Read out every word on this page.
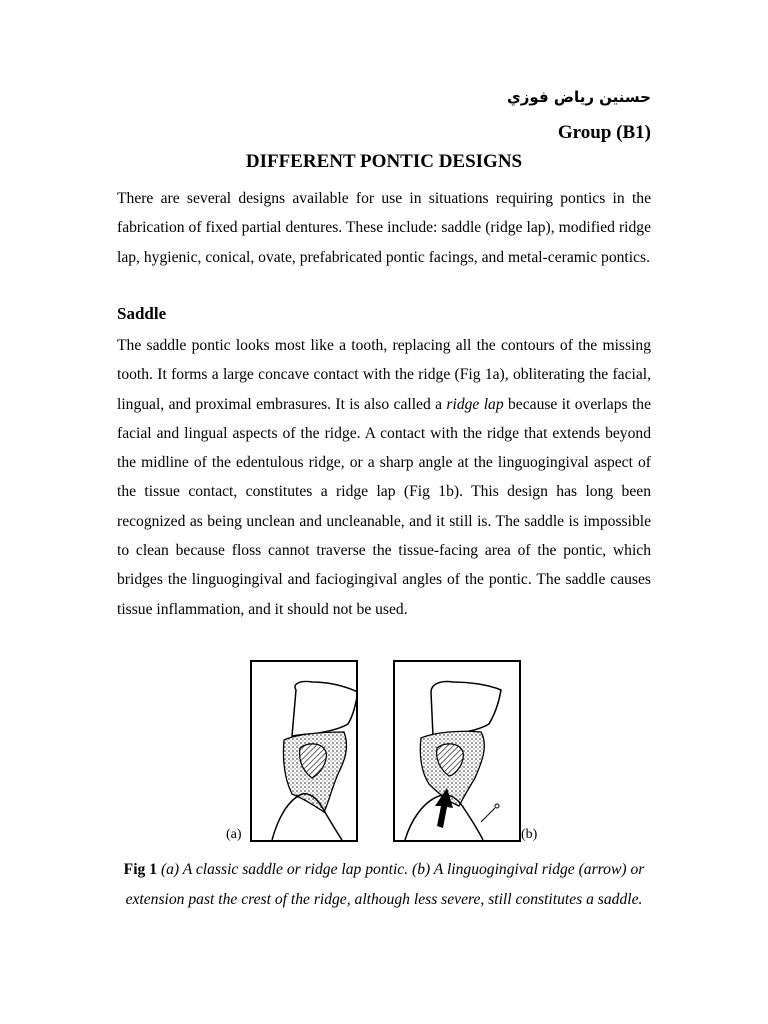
حسنين رياض فوزي
Group (B1)
DIFFERENT PONTIC DESIGNS

There are several designs available for use in situations requiring pontics in the fabrication of fixed partial dentures. These include: saddle (ridge lap), modified ridge lap, hygienic, conical, ovate, prefabricated pontic facings, and metal-ceramic pontics.

Saddle

The saddle pontic looks most like a tooth, replacing all the contours of the missing tooth. It forms a large concave contact with the ridge (Fig 1a), obliterating the facial, lingual, and proximal embrasures. It is also called a ridge lap because it overlaps the facial and lingual aspects of the ridge. A contact with the ridge that extends beyond the midline of the edentulous ridge, or a sharp angle at the linguogingival aspect of the tissue contact, constitutes a ridge lap (Fig 1b). This design has long been recognized as being unclean and uncleanable, and it still is. The saddle is impossible to clean because floss cannot traverse the tissue-facing area of the pontic, which bridges the linguogingival and faciogingival angles of the pontic. The saddle causes tissue inflammation, and it should not be used.

(a)	(b)
Fig 1 (a) A classic saddle or ridge lap pontic. (b) A linguogingival ridge (arrow) or extension past the crest of the ridge, although less severe, still constitutes a saddle.
